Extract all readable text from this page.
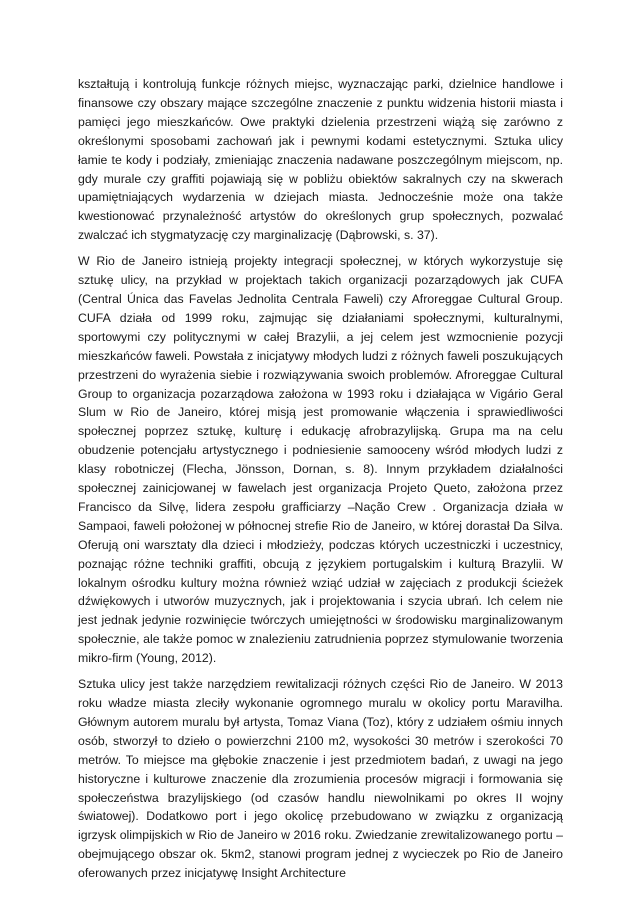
kształtują i kontrolują funkcje różnych miejsc, wyznaczając parki, dzielnice handlowe i finansowe czy obszary mające szczególne znaczenie z punktu widzenia historii miasta i pamięci jego mieszkańców. Owe praktyki dzielenia przestrzeni wiążą się zarówno z określonymi sposobami zachowań jak i pewnymi kodami estetycznymi. Sztuka ulicy łamie te kody i podziały, zmieniając znaczenia nadawane poszczególnym miejscom, np. gdy murale czy graffiti pojawiają się w pobliżu obiektów sakralnych czy na skwerach upamiętniających wydarzenia w dziejach miasta. Jednocześnie może ona także kwestionować przynależność artystów do określonych grup społecznych, pozwalać zwalczać ich stygmatyzację czy marginalizację (Dąbrowski, s. 37).

W Rio de Janeiro istnieją projekty integracji społecznej, w których wykorzystuje się sztukę ulicy, na przykład w projektach takich organizacji pozarządowych jak CUFA (Central Única das Favelas Jednolita Centrala Faweli) czy Afroreggae Cultural Group. CUFA działa od 1999 roku, zajmując się działaniami społecznymi, kulturalnymi, sportowymi czy politycznymi w całej Brazylii, a jej celem jest wzmocnienie pozycji mieszkańców faweli. Powstała z inicjatywy młodych ludzi z różnych faweli poszukujących przestrzeni do wyrażenia siebie i rozwiązywania swoich problemów. Afroreggae Cultural Group to organizacja pozarządowa założona w 1993 roku i działająca w Vigário Geral Slum w Rio de Janeiro, której misją jest promowanie włączenia i sprawiedliwości społecznej poprzez sztukę, kulturę i edukację afrobrazylijską. Grupa ma na celu obudzenie potencjału artystycznego i podniesienie samooceny wśród młodych ludzi z klasy robotniczej (Flecha, Jönsson, Dornan, s. 8). Innym przykładem działalności społecznej zainicjowanej w fawelach jest organizacja Projeto Queto, założona przez Francisco da Silvę, lidera zespołu grafficiarzy –Nação Crew . Organizacja działa w Sampaoi, faweli położonej w północnej strefie Rio de Janeiro, w której dorastał Da Silva. Oferują oni warsztaty dla dzieci i młodzieży, podczas których uczestniczki i uczestnicy, poznając różne techniki graffiti, obcują z językiem portugalskim i kulturą Brazylii. W lokalnym ośrodku kultury można również wziąć udział w zajęciach z produkcji ścieżek dźwiękowych i utworów muzycznych, jak i projektowania i szycia ubrań. Ich celem nie jest jednak jedynie rozwinięcie twórczych umiejętności w środowisku marginalizowanym społecznie, ale także pomoc w znalezieniu zatrudnienia poprzez stymulowanie tworzenia mikro-firm (Young, 2012).

Sztuka ulicy jest także narzędziem rewitalizacji różnych części Rio de Janeiro. W 2013 roku władze miasta zleciły wykonanie ogromnego muralu w okolicy portu Maravilha. Głównym autorem muralu był artysta, Tomaz Viana (Toz), który z udziałem ośmiu innych osób, stworzył to dzieło o powierzchni 2100 m2, wysokości 30 metrów i szerokości 70 metrów. To miejsce ma głębokie znaczenie i jest przedmiotem badań, z uwagi na jego historyczne i kulturowe znaczenie dla zrozumienia procesów migracji i formowania się społeczeństwa brazylijskiego (od czasów handlu niewolnikami po okres II wojny światowej). Dodatkowo port i jego okolicę przebudowano w związku z organizacją igrzysk olimpijskich w Rio de Janeiro w 2016 roku. Zwiedzanie zrewitalizowanego portu – obejmującego obszar ok. 5km2, stanowi program jednej z wycieczek po Rio de Janeiro oferowanych przez inicjatywę Insight Architecture
